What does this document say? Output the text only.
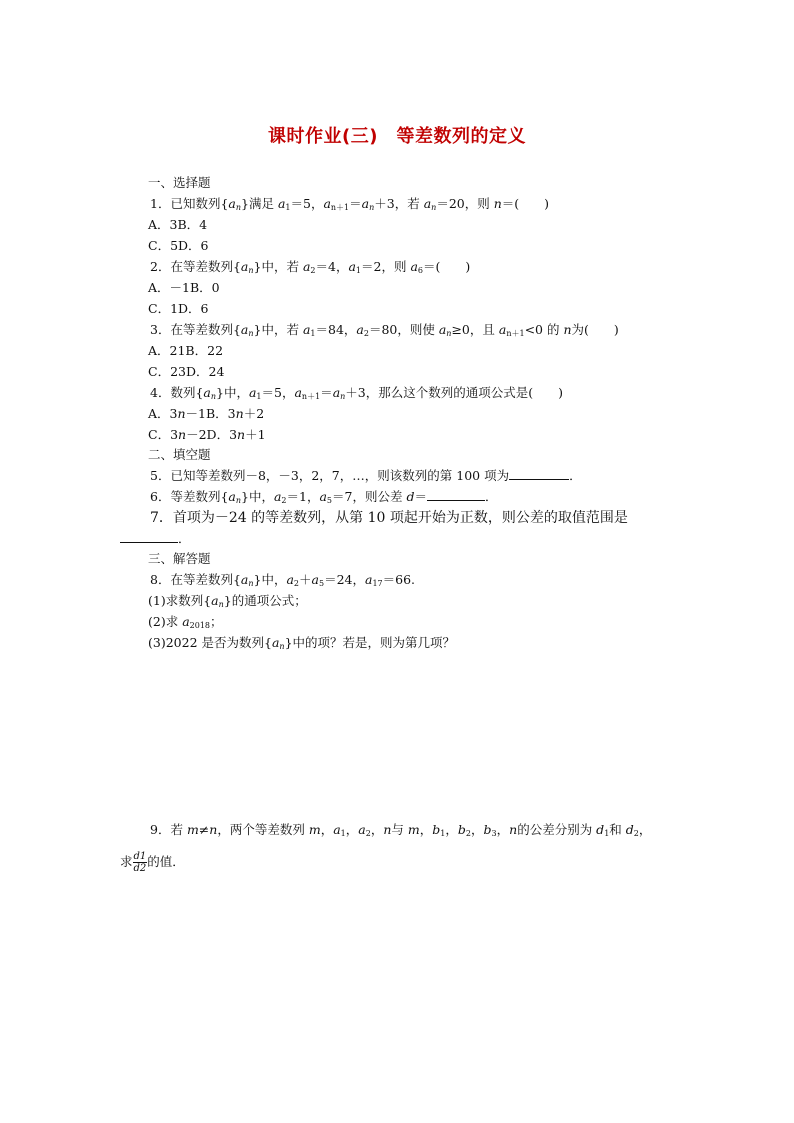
课时作业(三)　等差数列的定义
一、选择题
1．已知数列$\{a_n\}$满足 $a_1=5$，$a_{n+1}=a_n+3$，若 $a_n=20$，则 n＝(　　)
A．3B．4
C．5D．6
2．在等差数列$\{a_n\}$中，若 $a_2=4$，$a_1=2$，则 $a_6=$(　　)
A．－1B．0
C．1D．6
3．在等差数列$\{a_n\}$中，若 $a_1=84$，$a_2=80$，则使 $a_n\ge 0$，且 $a_{n+1}<0$ 的 n为(　　)
A．21B．22
C．23D．24
4．数列$\{a_n\}$中，$a_1=5$，$a_{n+1}=a_n+3$，那么这个数列的通项公式是(　　)
A．3n－1B．3n＋2
C．3n－2D．3n＋1
二、填空题
5．已知等差数列－8，－3，2，7，…，则该数列的第 100 项为	．
6．等差数列$\{a_n\}$中，$a_2=1$，$a_5=7$，则公差 d＝	．
7．首项为－24 的等差数列，从第 10 项起开始为正数，则公差的取值范围是
．
三、解答题
8．在等差数列$\{a_n\}$中，$a_2+a_5=24$，$a_{17}=66$.
(1)求数列$\{a_n\}$的通项公式；
(2)求 $a_{2018}$；
(3)2022 是否为数列$\{a_n\}$中的项？若是，则为第几项？
9．若 m≠n，两个等差数列 m，$a_1$，$a_2$，n与 m，$b_1$，$b_2$，$b_3$，n的公差分别为 $d_1$和 $d_2$，
求 $\frac{d1}{d2}$ 的值．
